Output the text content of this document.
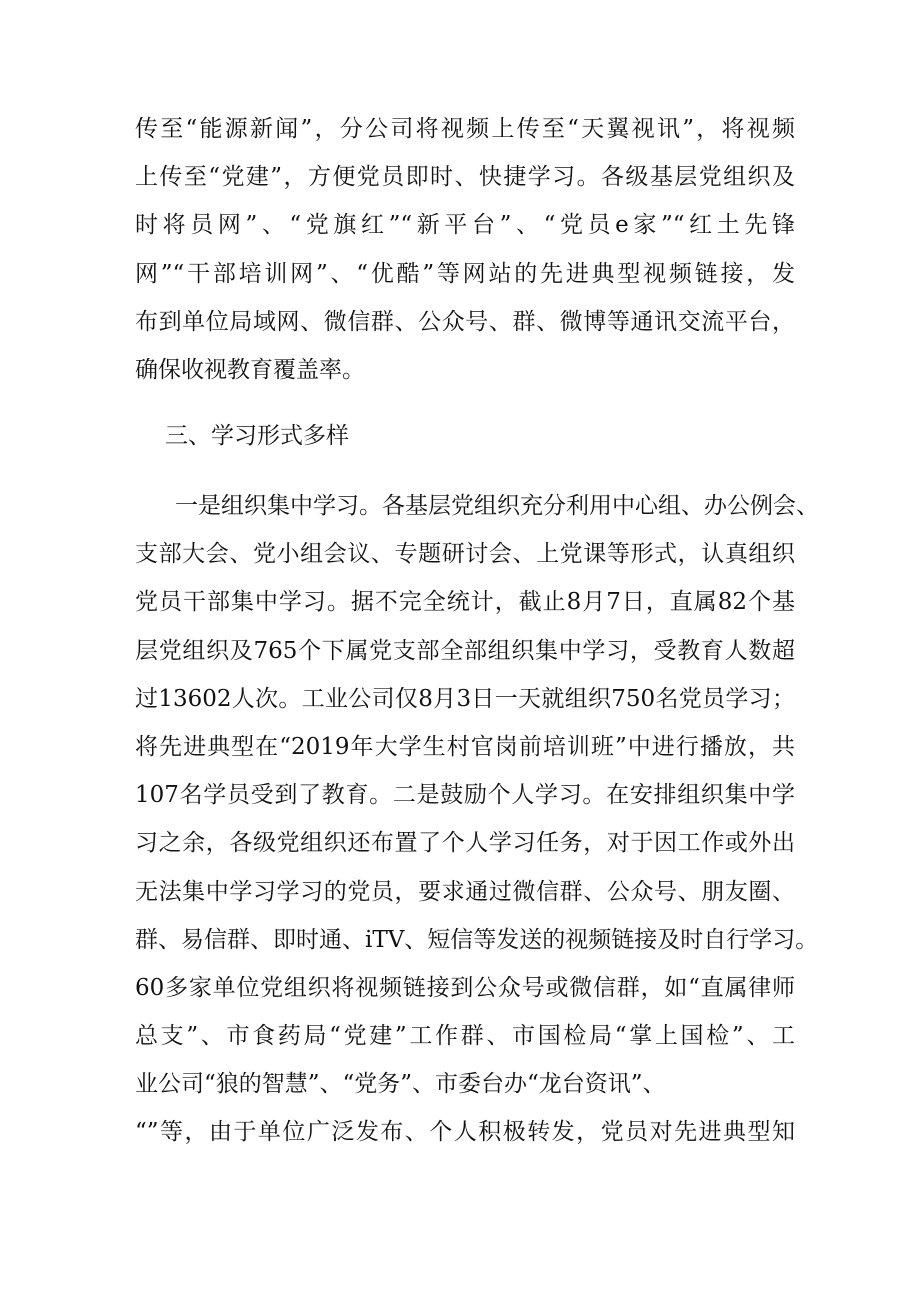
传至“能源新闻”，分公司将视频上传至“天翼视讯”，将视频
上传至“党建”，方便党员即时、快捷学习。各级基层党组织及
时将员网”、“党旗红”“新平台”、“党员e家”“红土先锋
网”“干部培训网”、“优酷”等网站的先进典型视频链接，发
布到单位局域网、微信群、公众号、群、微博等通讯交流平台，
确保收视教育覆盖率。
三、学习形式多样
一是组织集中学习。各基层党组织充分利用中心组、办公例会、
支部大会、党小组会议、专题研讨会、上党课等形式，认真组织
党员干部集中学习。据不完全统计，截止8月7日，直属82个基
层党组织及765个下属党支部全部组织集中学习，受教育人数超
过13602人次。工业公司仅8月3日一天就组织750名党员学习；
将先进典型在“2019年大学生村官岗前培训班”中进行播放，共
107名学员受到了教育。二是鼓励个人学习。在安排组织集中学
习之余，各级党组织还布置了个人学习任务，对于因工作或外出
无法集中学习学习的党员，要求通过微信群、公众号、朋友圈、
群、易信群、即时通、iTV、短信等发送的视频链接及时自行学习。
60多家单位党组织将视频链接到公众号或微信群，如“直属律师
总支”、市食药局“党建”工作群、市国检局“掌上国检”、工
业公司“狼的智慧”、“党务”、市委台办“龙台资讯”、
“”等，由于单位广泛发布、个人积极转发，党员对先进典型知
